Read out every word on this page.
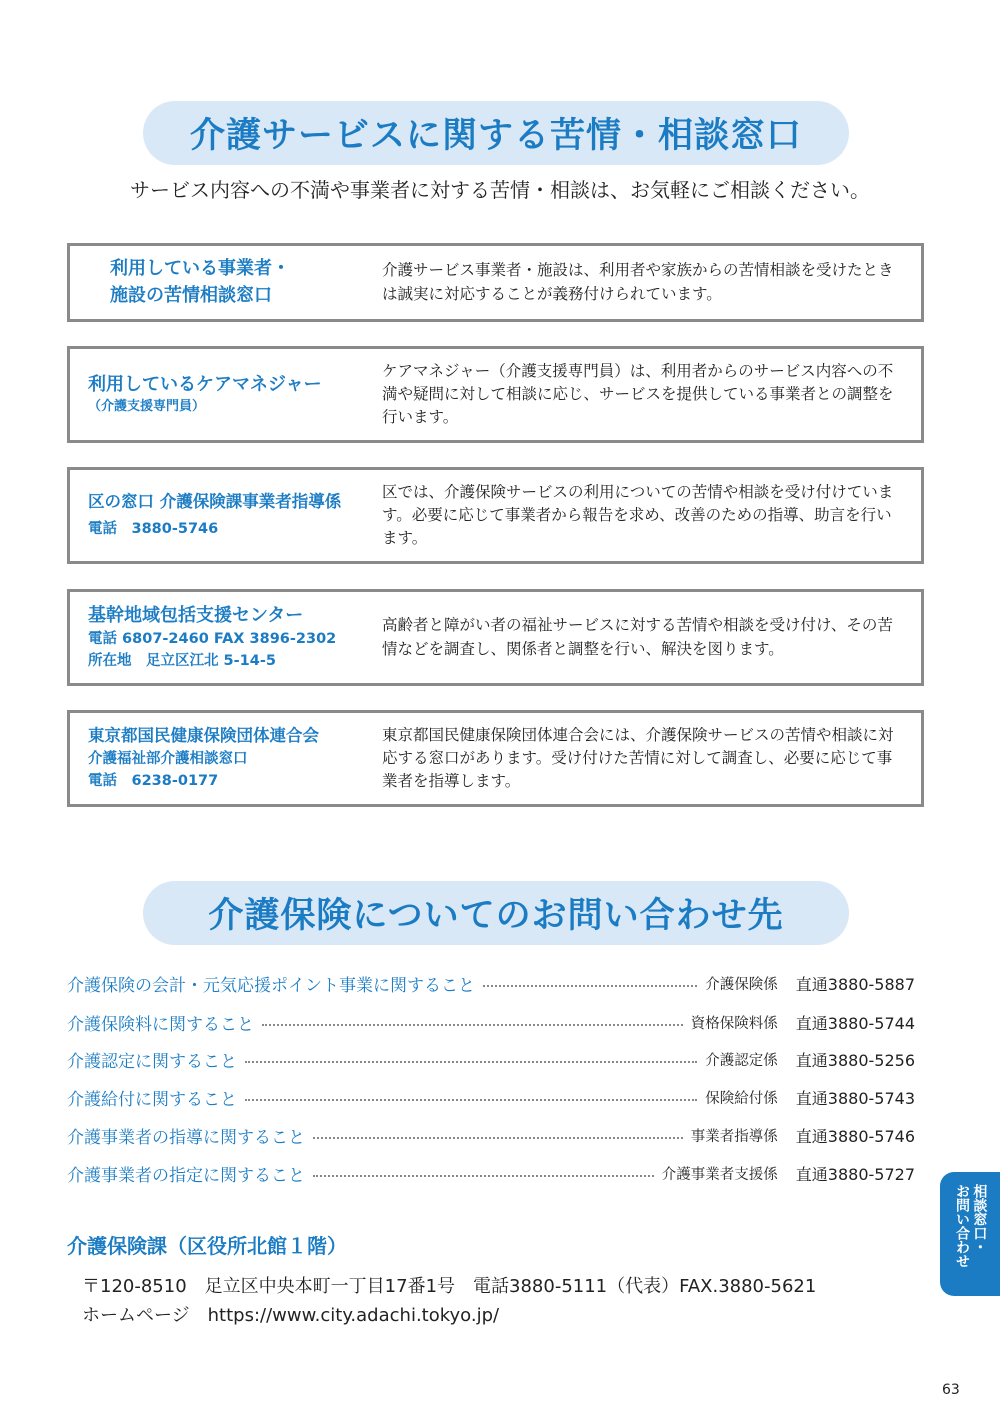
介護サービスに関する苦情・相談窓口
サービス内容への不満や事業者に対する苦情・相談は、お気軽にご相談ください。
利用している事業者・
施設の苦情相談窓口
介護サービス事業者・施設は、利用者や家族からの苦情相談を受けたときは誠実に対応することが義務付けられています。
利用しているケアマネジャー
（介護支援専門員）
ケアマネジャー（介護支援専門員）は、利用者からのサービス内容への不満や疑問に対して相談に応じ、サービスを提供している事業者との調整を行います。
区の窓口 介護保険課事業者指導係
電話　3880-5746
区では、介護保険サービスの利用についての苦情や相談を受け付けています。必要に応じて事業者から報告を求め、改善のための指導、助言を行います。
基幹地域包括支援センター
電話 6807-2460 FAX 3896-2302
所在地　足立区江北 5-14-5
高齢者と障がい者の福祉サービスに対する苦情や相談を受け付け、その苦情などを調査し、関係者と調整を行い、解決を図ります。
東京都国民健康保険団体連合会
介護福祉部介護相談窓口
電話　6238-0177
東京都国民健康保険団体連合会には、介護保険サービスの苦情や相談に対応する窓口があります。受け付けた苦情に対して調査し、必要に応じて事業者を指導します。
介護保険についてのお問い合わせ先
介護保険の会計・元気応援ポイント事業に関すること	介護保険係 直通3880-5887
介護保険料に関すること	資格保険料係 直通3880-5744
介護認定に関すること	介護認定係 直通3880-5256
介護給付に関すること	保険給付係 直通3880-5743
介護事業者の指導に関すること	事業者指導係 直通3880-5746
介護事業者の指定に関すること	介護事業者支援係 直通3880-5727
介護保険課（区役所北館１階）
〒120-8510　足立区中央本町一丁目17番1号　電話3880-5111（代表）FAX.3880-5621
ホームページ　https://www.city.adachi.tokyo.jp/
相談窓口・
お問い合わせ
63
